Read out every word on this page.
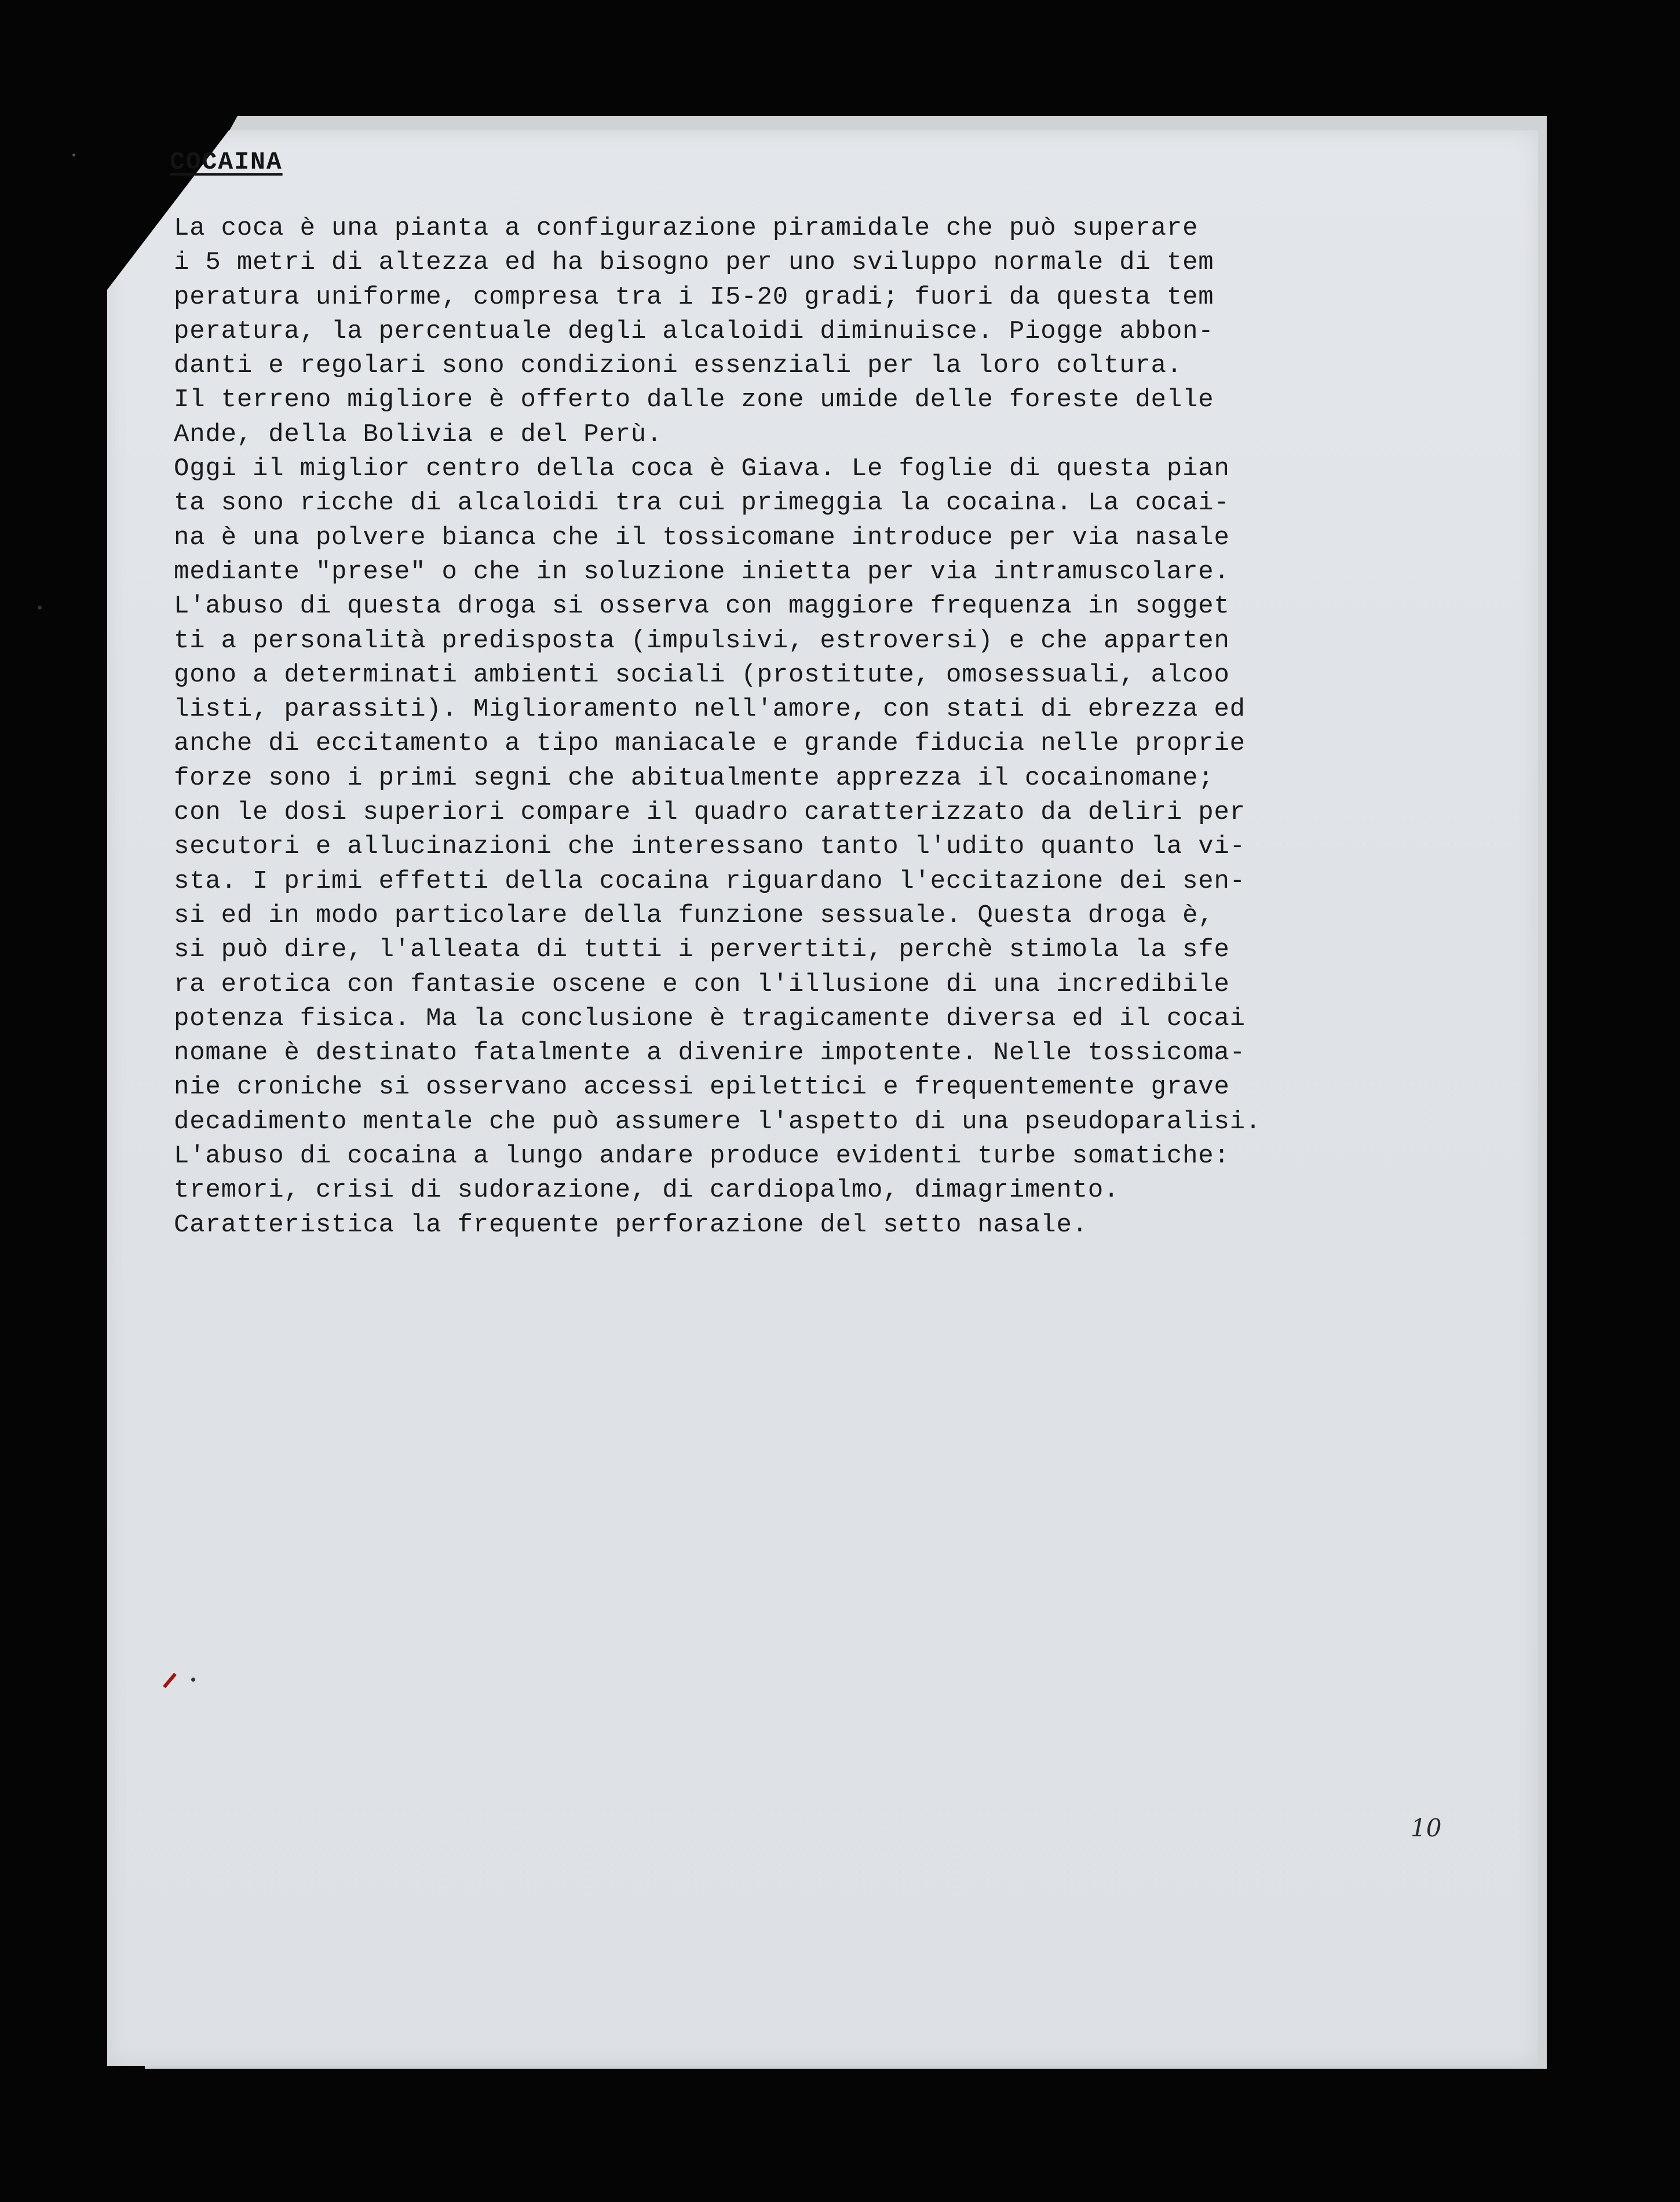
COCAINA
La coca è una pianta a configurazione piramidale che può superare
i 5 metri di altezza ed ha bisogno per uno sviluppo normale di tem
peratura uniforme, compresa tra i I5-20 gradi; fuori da questa tem
peratura, la percentuale degli alcaloidi diminuisce. Piogge abbon-
danti e regolari sono condizioni essenziali per la loro coltura.
Il terreno migliore è offerto dalle zone umide delle foreste delle
Ande, della Bolivia e del Perù.
Oggi il miglior centro della coca è Giava. Le foglie di questa pian
ta sono ricche di alcaloidi tra cui primeggia la cocaina. La cocai-
na è una polvere bianca che il tossicomane introduce per via nasale
mediante "prese" o che in soluzione inietta per via intramuscolare.
L'abuso di questa droga si osserva con maggiore frequenza in sogget
ti a personalità predisposta (impulsivi, estroversi) e che apparten
gono a determinati ambienti sociali (prostitute, omosessuali, alcoo
listi, parassiti). Miglioramento nell'amore, con stati di ebrezza ed
anche di eccitamento a tipo maniacale e grande fiducia nelle proprie
forze sono i primi segni che abitualmente apprezza il cocainomane;
con le dosi superiori compare il quadro caratterizzato da deliri per
secutori e allucinazioni che interessano tanto l'udito quanto la vi-
sta. I primi effetti della cocaina riguardano l'eccitazione dei sen-
si ed in modo particolare della funzione sessuale. Questa droga è,
si può dire, l'alleata di tutti i pervertiti, perchè stimola la sfe
ra erotica con fantasie oscene e con l'illusione di una incredibile
potenza fisica. Ma la conclusione è tragicamente diversa ed il cocai
nomane è destinato fatalmente a divenire impotente. Nelle tossicoma-
nie croniche si osservano accessi epilettici e frequentemente grave
decadimento mentale che può assumere l'aspetto di una pseudoparalisi.
L'abuso di cocaina a lungo andare produce evidenti turbe somatiche:
tremori, crisi di sudorazione, di cardiopalmo, dimagrimento.
Caratteristica la frequente perforazione del setto nasale.
10
